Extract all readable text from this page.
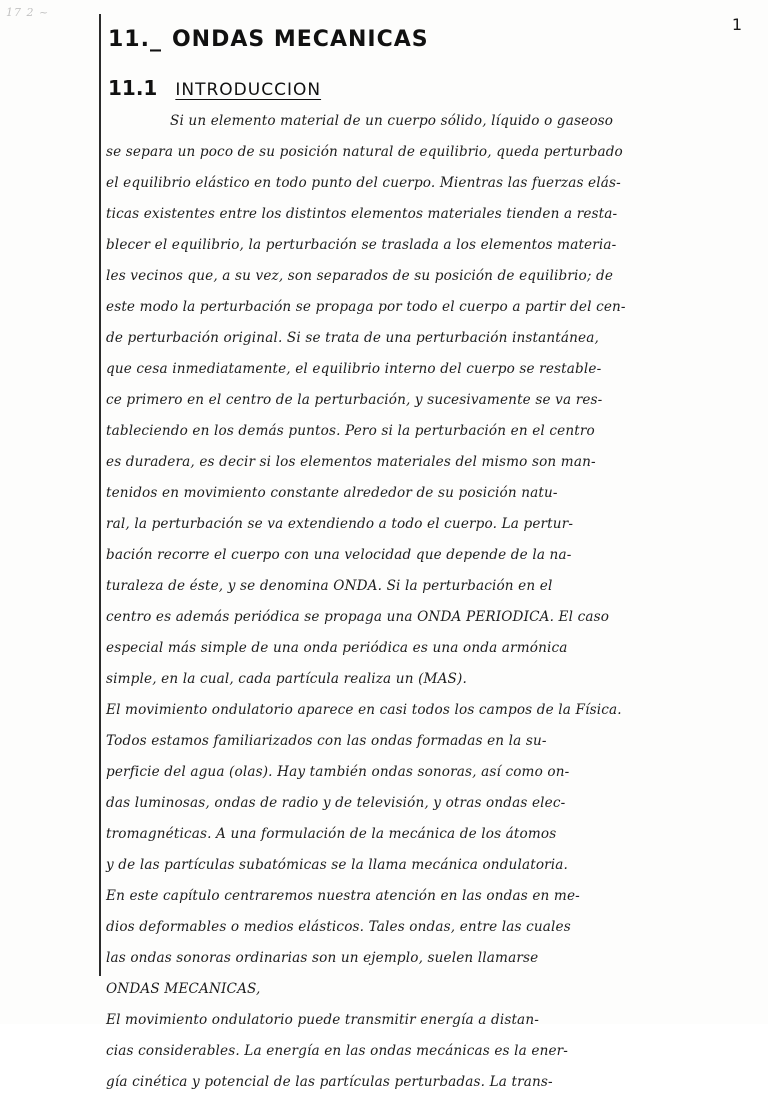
17 2 ~
1
11._ ONDAS MECANICAS
11.1 INTRODUCCION
Si un elemento material de un cuerpo sólido, líquido o gaseoso
se separa un poco de su posición natural de equilibrio, queda perturbado
el equilibrio elástico en todo punto del cuerpo. Mientras las fuerzas elás-
ticas existentes entre los distintos elementos materiales tienden a resta-
blecer el equilibrio, la perturbación se traslada a los elementos materia-
les vecinos que, a su vez, son separados de su posición de equilibrio; de
este modo la perturbación se propaga por todo el cuerpo a partir del cen-
de perturbación original. Si se trata de una perturbación instantánea,
que cesa inmediatamente, el equilibrio interno del cuerpo se restable-
ce primero en el centro de la perturbación, y sucesivamente se va res-
tableciendo en los demás puntos. Pero si la perturbación en el centro
es duradera, es decir si los elementos materiales del mismo son man-
tenidos en movimiento constante alrededor de su posición natu-
ral, la perturbación se va extendiendo a todo el cuerpo. La pertur-
bación recorre el cuerpo con una velocidad que depende de la na-
turaleza de éste, y se denomina ONDA. Si la perturbación en el
centro es además periódica se propaga una ONDA PERIODICA. El caso
especial más simple de una onda periódica es una onda armónica
simple, en la cual, cada partícula realiza un (MAS).
El movimiento ondulatorio aparece en casi todos los campos de la Física.
Todos estamos familiarizados con las ondas formadas en la su-
perficie del agua (olas). Hay también ondas sonoras, así como on-
das luminosas, ondas de radio y de televisión, y otras ondas elec-
tromagnéticas. A una formulación de la mecánica de los átomos
y de las partículas subatómicas se la llama mecánica ondulatoria.
En este capítulo centraremos nuestra atención en las ondas en me-
dios deformables o medios elásticos. Tales ondas, entre las cuales
las ondas sonoras ordinarias son un ejemplo, suelen llamarse
ONDAS MECANICAS,
El movimiento ondulatorio puede transmitir energía a distan-
cias considerables. La energía en las ondas mecánicas es la ener-
gía cinética y potencial de las partículas perturbadas. La trans-
